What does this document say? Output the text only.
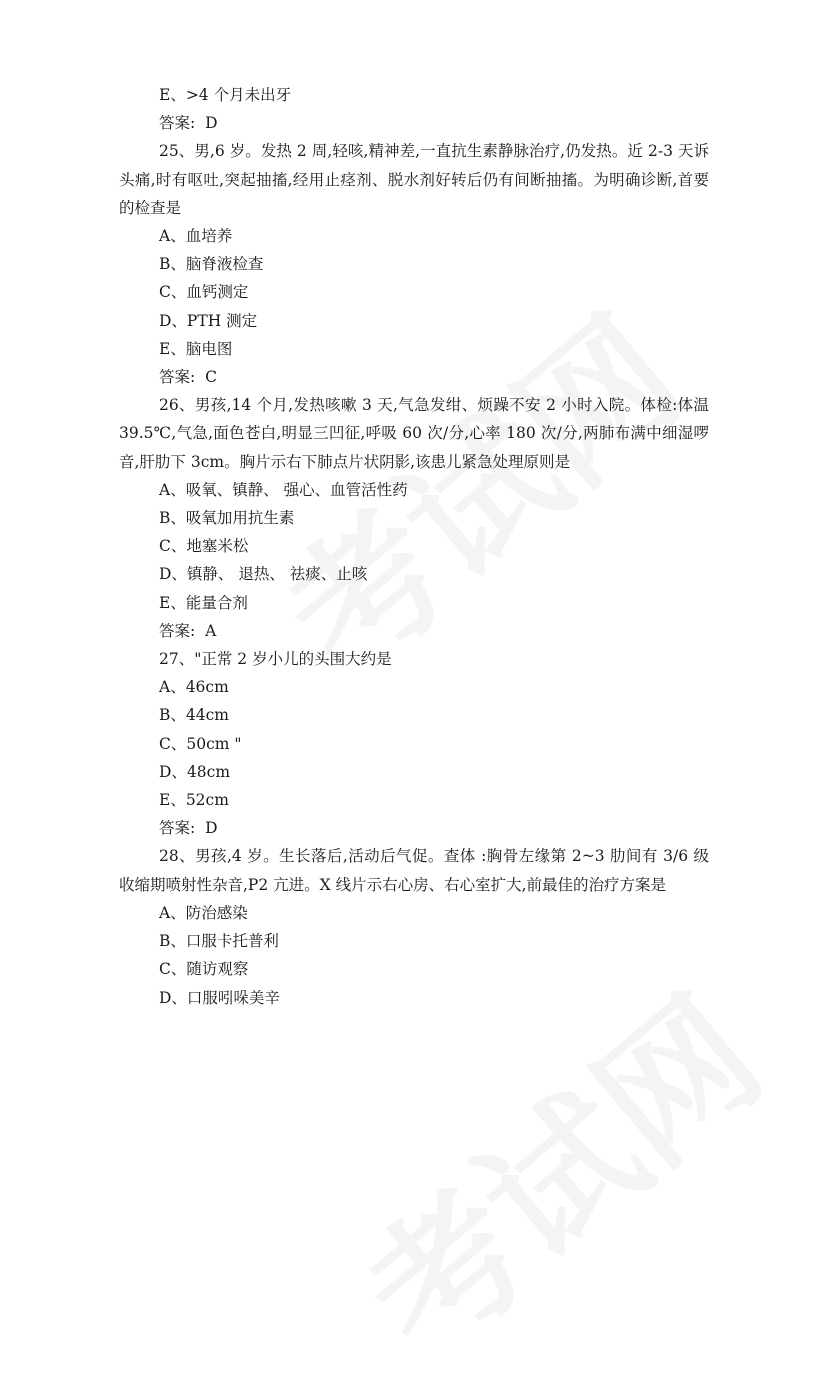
E、>4 个月未出牙
答案:  D
25、男,6 岁。发热 2 周,轻咳,精神差,一直抗生素静脉治疗,仍发热。近 2-3 天诉头痛,时有呕吐,突起抽搐,经用止痉剂、脱水剂好转后仍有间断抽搐。为明确诊断,首要的检查是
A、血培养
B、脑脊液检查
C、血钙测定
D、PTH 测定
E、脑电图
答案:  C
26、男孩,14 个月,发热咳嗽 3 天,气急发绀、烦躁不安 2 小时入院。体检:体温 39.5℃,气急,面色苍白,明显三凹征,呼吸 60 次/分,心率 180 次/分,两肺布满中细湿啰音,肝肋下 3cm。胸片示右下肺点片状阴影,该患儿紧急处理原则是
A、吸氧、镇静、 强心、血管活性药
B、吸氧加用抗生素
C、地塞米松
D、镇静、 退热、 祛痰、止咳
E、能量合剂
答案:  A
27、"正常 2 岁小儿的头围大约是
A、46cm
B、44cm
C、50cm "
D、48cm
E、52cm
答案:  D
28、男孩,4 岁。生长落后,活动后气促。查体 :胸骨左缘第 2~3 肋间有 3/6 级收缩期喷射性杂音,P2 亢进。X 线片示右心房、右心室扩大,前最佳的治疗方案是
A、防治感染
B、口服卡托普利
C、随访观察
D、口服吲哚美辛
